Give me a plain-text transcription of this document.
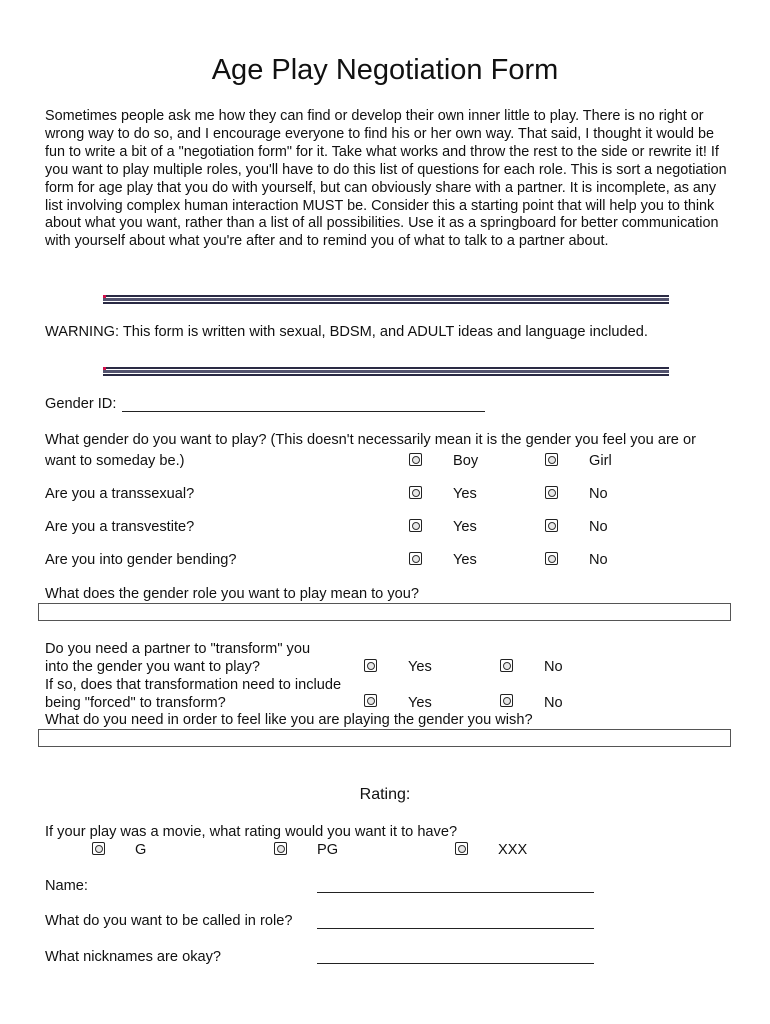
Age Play Negotiation Form
Sometimes people ask me how they can find or develop their own inner little to play. There is no right or wrong way to do so, and I encourage everyone to find his or her own way. That said, I thought it would be fun to write a bit of a "negotiation form" for it. Take what works and throw the rest to the side or rewrite it! If you want to play multiple roles, you'll have to do this list of questions for each role. This is sort a negotiation form for age play that you do with yourself, but can obviously share with a partner. It is incomplete, as any list involving complex human interaction MUST be. Consider this a starting point that will help you to think about what you want, rather than a list of all possibilities. Use it as a springboard for better communication with yourself about what you're after and to remind you of what to talk to a partner about.
WARNING: This form is written with sexual, BDSM, and ADULT ideas and language included.
Gender ID:
What gender do you want to play? (This doesn't necessarily mean it is the gender you feel you are or
want to someday be.)	Boy	Girl
Are you a transsexual?	Yes	No
Are you a transvestite?	Yes	No
Are you into gender bending?	Yes	No
What does the gender role you want to play mean to you?
Do you need a partner to "transform" you
into the gender you want to play?	Yes	No
If so, does that transformation need to include
being "forced" to transform?	Yes	No
What do you need in order to feel like you are playing the gender you wish?
Rating:
If your play was a movie, what rating would you want it to have?
G	PG	XXX
Name:
What do you want to be called in role?
What nicknames are okay?
